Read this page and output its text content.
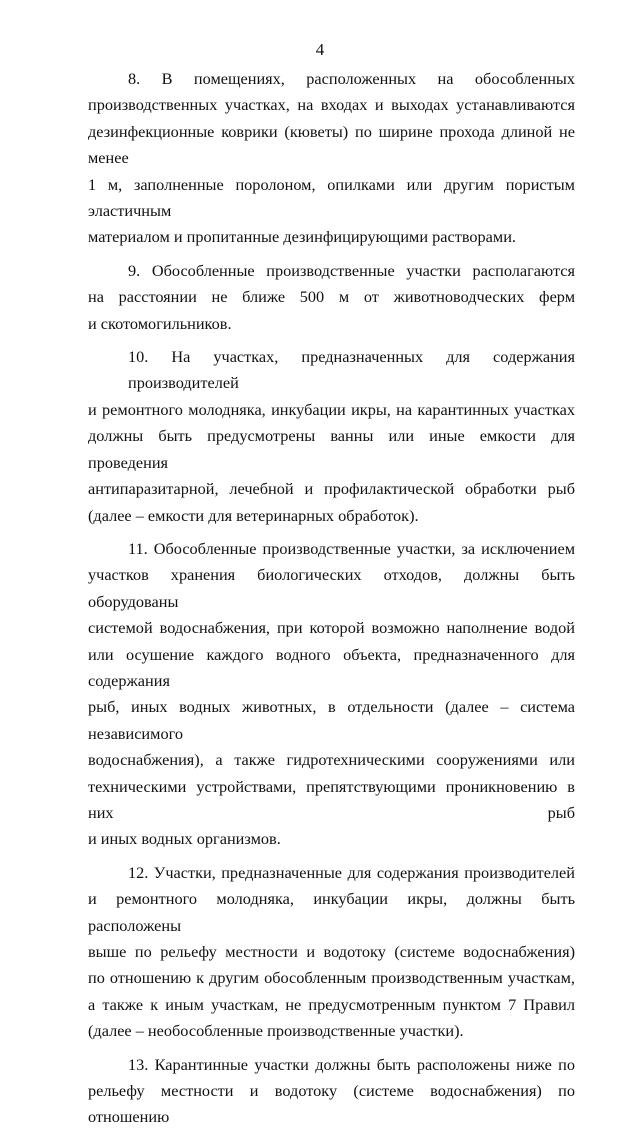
4

8. В помещениях, расположенных на обособленных
производственных участках, на входах и выходах устанавливаются
дезинфекционные коврики (кюветы) по ширине прохода длиной не менее
1 м, заполненные поролоном, опилками или другим пористым эластичным
материалом и пропитанные дезинфицирующими растворами.

9. Обособленные производственные участки располагаются
на расстоянии не ближе 500 м от животноводческих ферм
и скотомогильников.

10. На участках, предназначенных для содержания производителей
и ремонтного молодняка, инкубации икры, на карантинных участках
должны быть предусмотрены ванны или иные емкости для проведения
антипаразитарной, лечебной и профилактической обработки рыб
(далее – емкости для ветеринарных обработок).

11. Обособленные производственные участки, за исключением
участков хранения биологических отходов, должны быть оборудованы
системой водоснабжения, при которой возможно наполнение водой
или осушение каждого водного объекта, предназначенного для содержания
рыб, иных водных животных, в отдельности (далее – система независимого
водоснабжения), а также гидротехническими сооружениями или
техническими устройствами, препятствующими проникновению в них рыб
и иных водных организмов.

12. Участки, предназначенные для содержания производителей
и ремонтного молодняка, инкубации икры, должны быть расположены
выше по рельефу местности и водотоку (системе водоснабжения)
по отношению к другим обособленным производственным участкам,
а также к иным участкам, не предусмотренным пунктом 7 Правил
(далее – необособленные производственные участки).

13. Карантинные участки должны быть расположены ниже по
рельефу местности и водотоку (системе водоснабжения) по отношению
